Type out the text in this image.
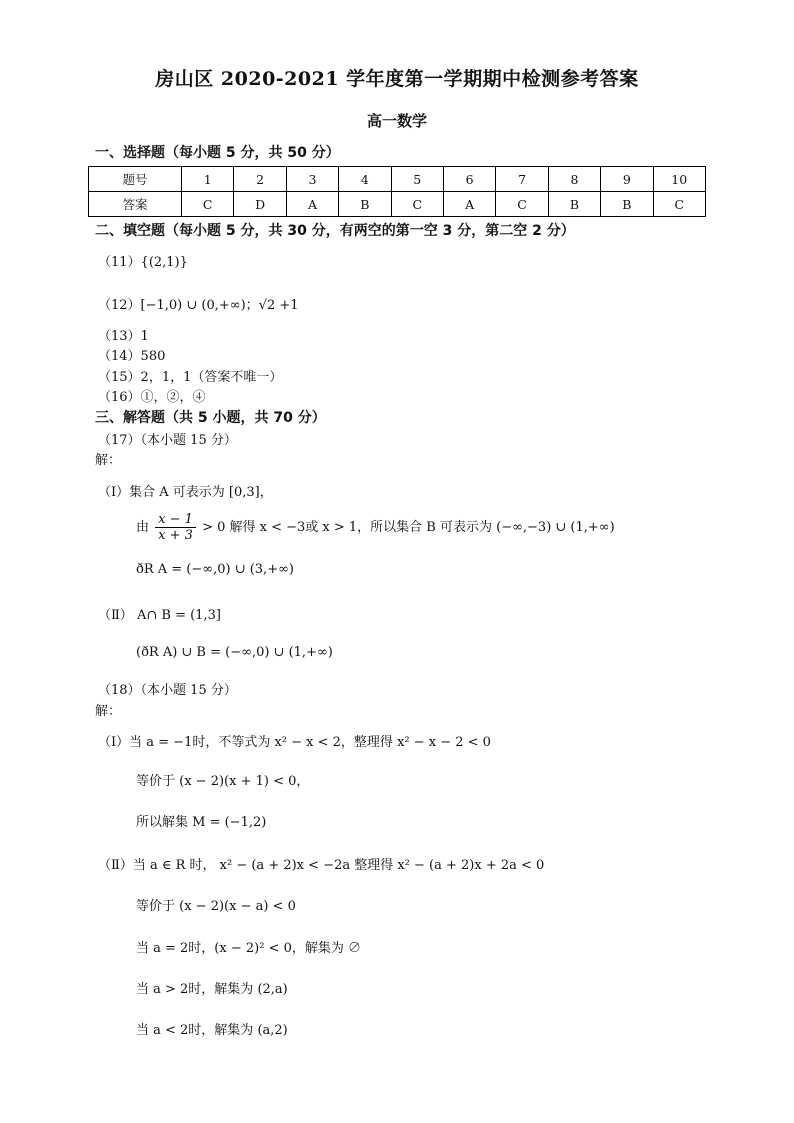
房山区 2020-2021 学年度第一学期期中检测参考答案
高一数学
一、选择题（每小题 5 分，共 50 分）
题号	1	2	3	4	5	6	7	8	9	10
答案	C	D	A	B	C	A	C	B	B	C
二、填空题（每小题 5 分，共 30 分，有两空的第一空 3 分，第二空 2 分）
（11）{(2,1)}
（12）[−1,0) ∪ (0,+∞)；√2 +1
（13）1
（14）580
（15）2，1，1（答案不唯一）
（16）①，②，④
三、解答题（共 5 小题，共 70 分）
（17）（本小题 15 分）
解：
（Ⅰ）集合 A 可表示为 [0,3]，
由 $\frac{x - 1}{x + 3} > 0$ 解得 x < −3或 x > 1，所以集合 B 可表示为 (−∞,−3) ∪ (1,+∞)
ðR A = (−∞,0) ∪ (3,+∞)
（Ⅱ） A∩ B = (1,3]
(ðR A) ∪ B = (−∞,0) ∪ (1,+∞)
（18）（本小题 15 分）
解：
（Ⅰ）当 a = −1时，不等式为 x² − x < 2，整理得 x² − x − 2 < 0
等价于 (x − 2)(x + 1) < 0，
所以解集 M = (−1,2)
（Ⅱ）当 a ∈ R 时， x² − (a + 2)x < −2a 整理得 x² − (a + 2)x + 2a < 0
等价于 (x − 2)(x − a) < 0
当 a = 2时，(x − 2)² < 0，解集为 ∅
当 a > 2时，解集为 (2,a)
当 a < 2时，解集为 (a,2)
